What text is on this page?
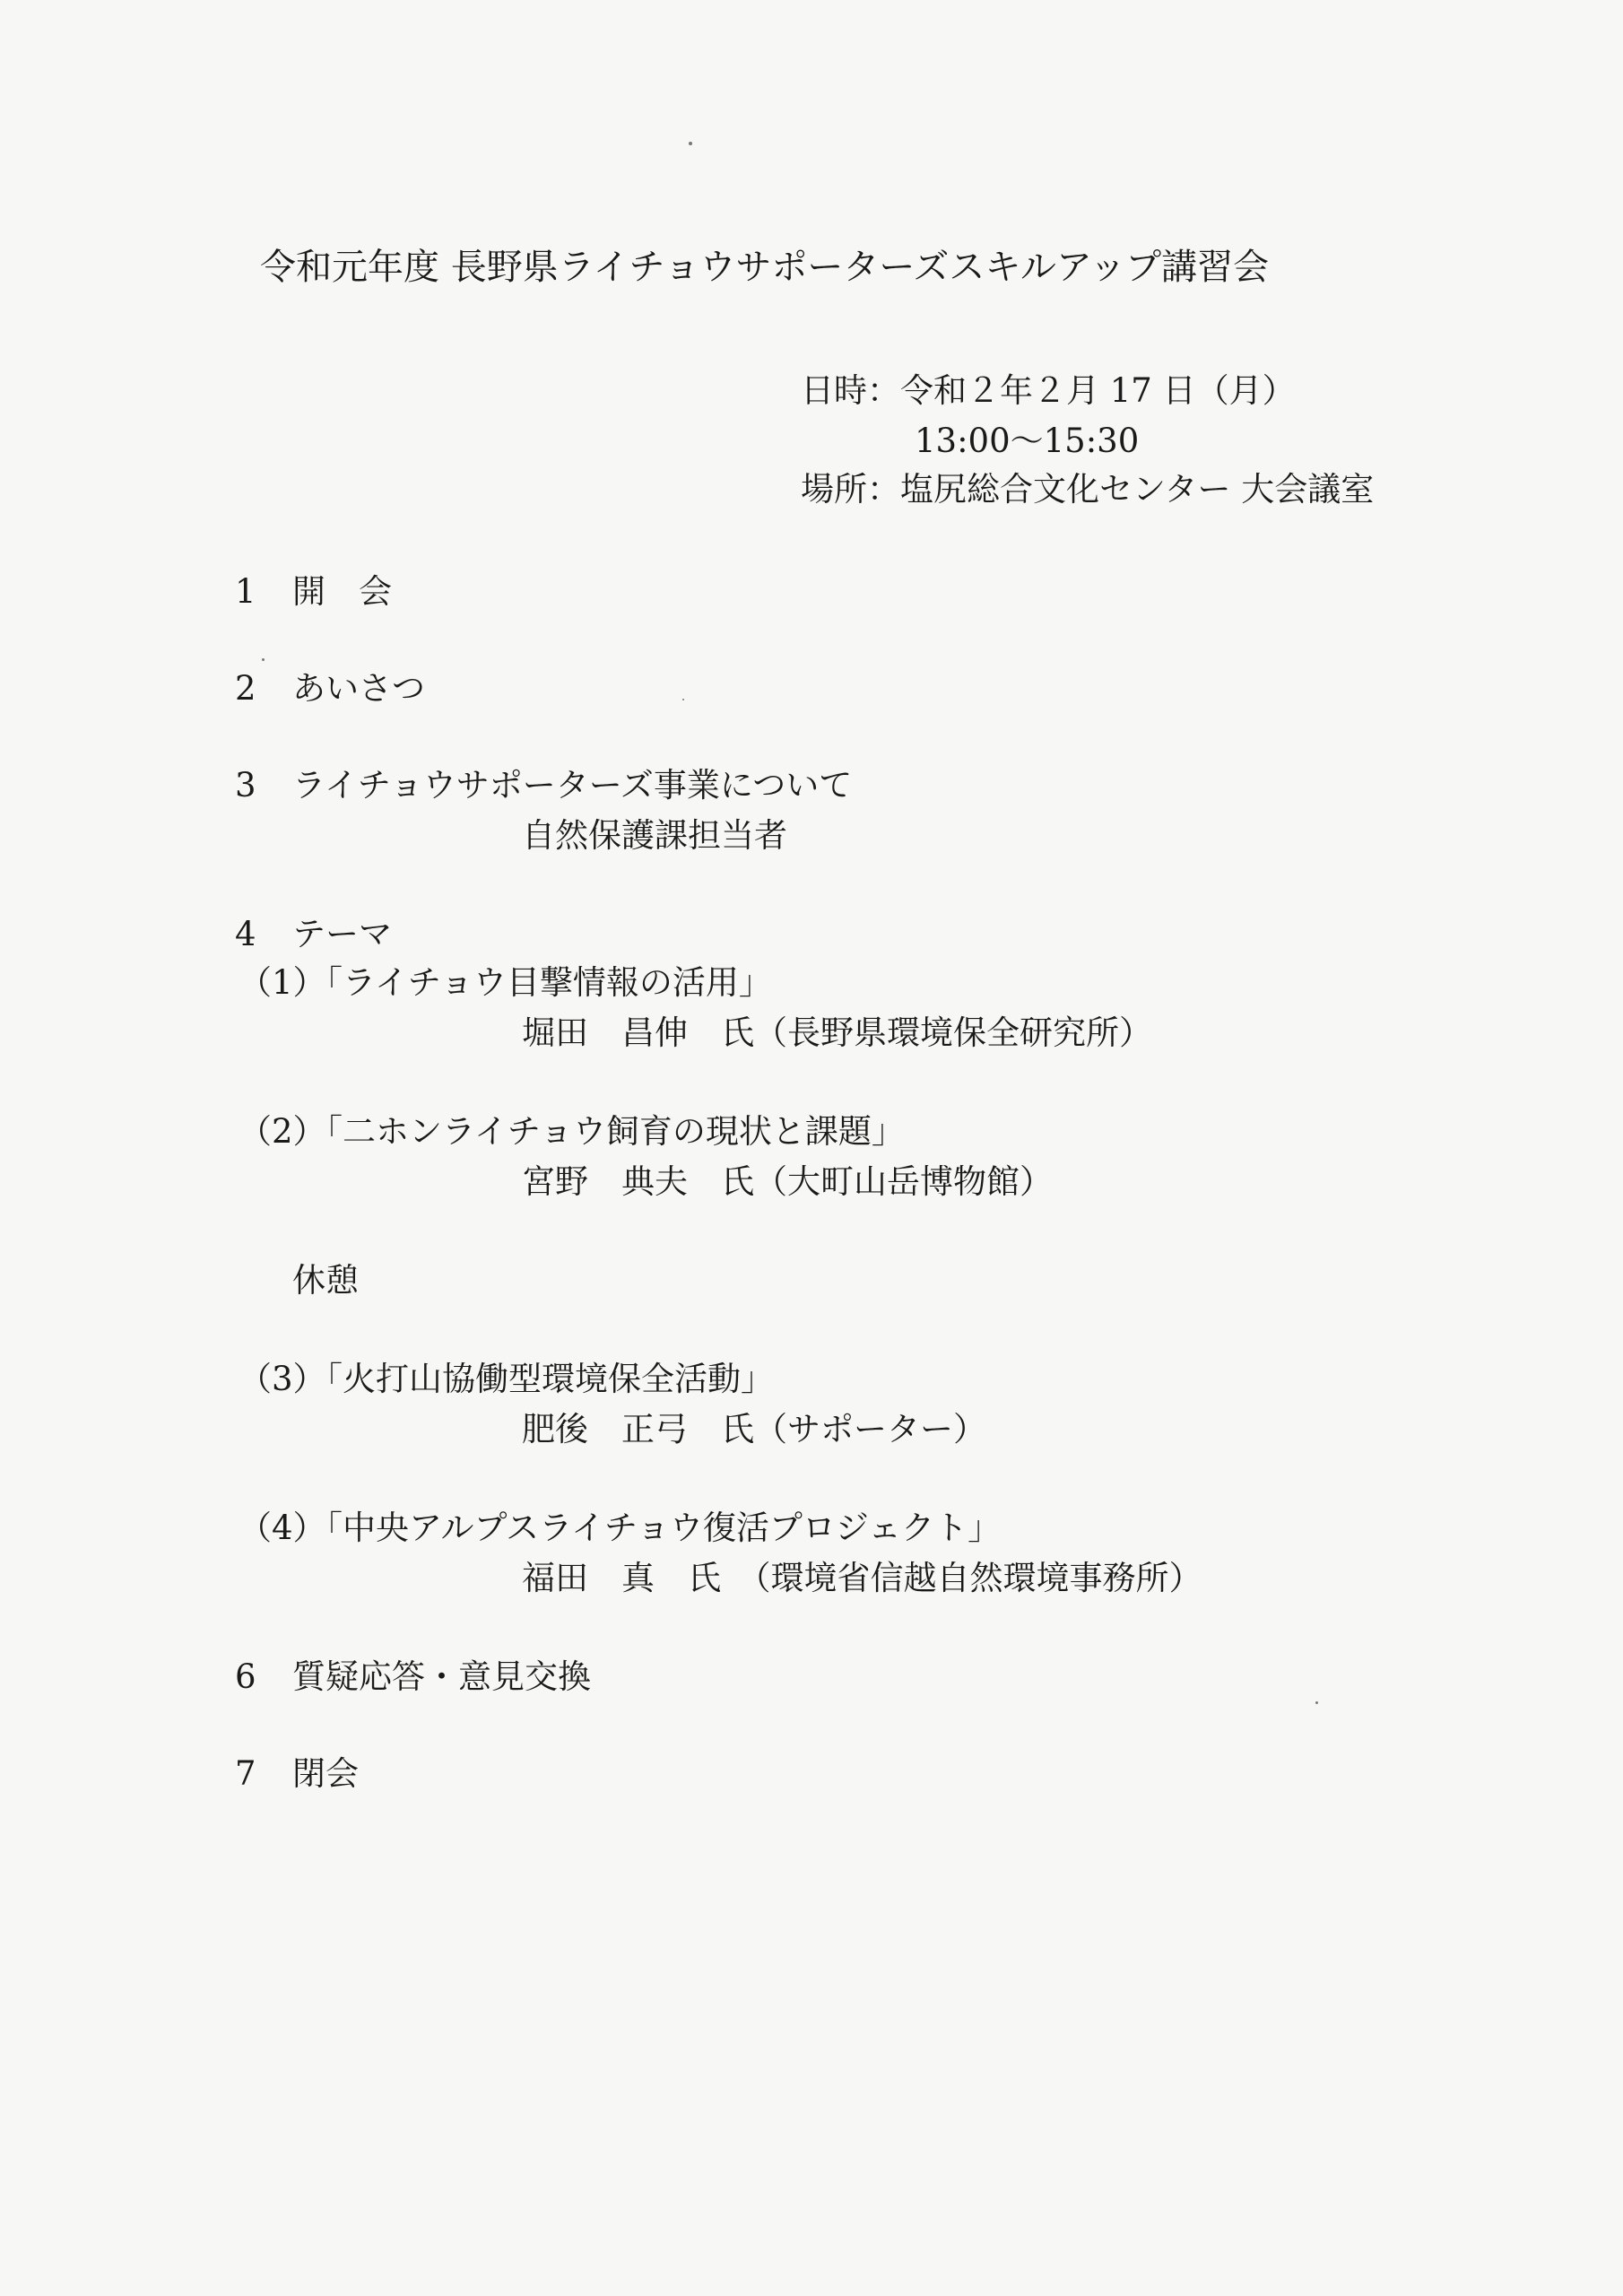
令和元年度 長野県ライチョウサポーターズスキルアップ講習会
日時：令和２年２月 17 日（月）
13:00～15:30
場所：塩尻総合文化センター 大会議室
1 開　会
2 あいさつ
3 ライチョウサポーターズ事業について
自然保護課担当者
4 テーマ
（1）「ライチョウ目撃情報の活用」
堀田　昌伸　氏（長野県環境保全研究所）
（2）「二ホンライチョウ飼育の現状と課題」
宮野　典夫　氏（大町山岳博物館）
休憩
（3）「火打山協働型環境保全活動」
肥後　正弓　氏（サポーター）
（4）「中央アルプスライチョウ復活プロジェクト」
福田　真　氏　（環境省信越自然環境事務所）
6 質疑応答・意見交換
7 閉会
